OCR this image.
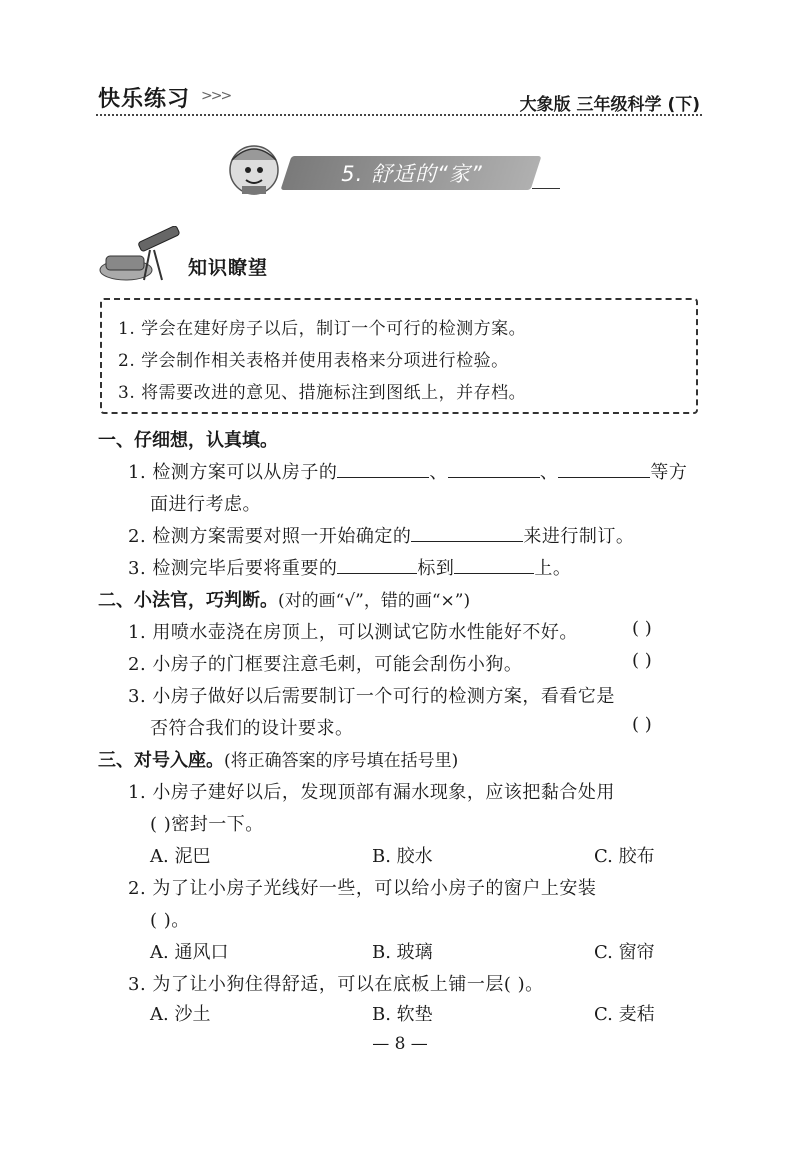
快乐练习 >>>	大象版 三年级科学 (下)
5. 舒适的“家”
知识瞭望
1. 学会在建好房子以后，制订一个可行的检测方案。
2. 学会制作相关表格并使用表格来分项进行检验。
3. 将需要改进的意见、措施标注到图纸上，并存档。
一、仔细想，认真填。
1. 检测方案可以从房子的	、	、	等方
面进行考虑。
2. 检测方案需要对照一开始确定的	来进行制订。
3. 检测完毕后要将重要的	标到	上。
二、小法官，巧判断。(对的画“√”，错的画“×”)
1. 用喷水壶浇在房顶上，可以测试它防水性能好不好。	( )
2. 小房子的门框要注意毛刺，可能会刮伤小狗。	( )
3. 小房子做好以后需要制订一个可行的检测方案，看看它是
否符合我们的设计要求。	( )
三、对号入座。(将正确答案的序号填在括号里)
1. 小房子建好以后，发现顶部有漏水现象，应该把黏合处用
( )密封一下。
A. 泥巴	B. 胶水	C. 胶布
2. 为了让小房子光线好一些，可以给小房子的窗户上安装
( )。
A. 通风口	B. 玻璃	C. 窗帘
3. 为了让小狗住得舒适，可以在底板上铺一层( )。
A. 沙土	B. 软垫	C. 麦秸
— 8 —
